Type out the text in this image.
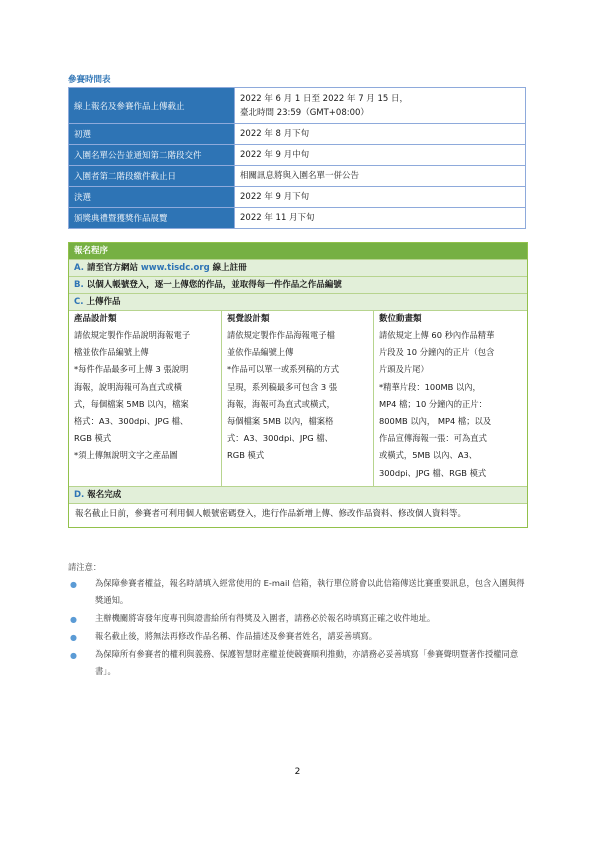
參賽時間表
線上報名及參賽作品上傳截止	2022 年 6 月 1 日至 2022 年 7 月 15 日，
臺北時間 23:59（GMT+08:00）

初選	2022 年 8 月下旬
入圍名單公告並通知第二階段交件	2022 年 9 月中旬
入圍者第二階段繳件截止日	相關訊息將與入圍名單一併公告
決選	2022 年 9 月下旬
頒獎典禮暨獲獎作品展覽	2022 年 11 月下旬
報名程序
A. 請至官方網站 www.tisdc.org 線上註冊
B. 以個人帳號登入，逐一上傳您的作品，並取得每一件作品之作品編號
C. 上傳作品
產品設計類
請依規定製作作品說明海報電子
檔並依作品編號上傳
*每件作品最多可上傳 3 張說明
海報，說明海報可為直式或橫
式，每個檔案 5MB 以內，檔案
格式：A3、300dpi、JPG 檔、
RGB 模式
*須上傳無說明文字之產品圖
視覺設計類
請依規定製作作品海報電子檔
並依作品編號上傳
*作品可以單一或系列稿的方式
呈現，系列稿最多可包含 3 張
海報，海報可為直式或橫式，
每個檔案 5MB 以內，檔案格
式：A3、300dpi、JPG 檔、
RGB 模式
數位動畫類
請依規定上傳 60 秒內作品精華
片段及 10 分鐘內的正片（包含
片頭及片尾）
*精華片段：100MB 以內，
MP4 檔；10 分鐘內的正片：
800MB 以內， MP4 檔；以及
作品宣傳海報一張：可為直式
或橫式，5MB 以內、A3、
300dpi、JPG 檔、RGB 模式
D. 報名完成
報名截止日前，參賽者可利用個人帳號密碼登入，進行作品新增上傳、修改作品資料、修改個人資料等。
請注意：
● 為保障參賽者權益，報名時請填入經常使用的 E-mail 信箱，執行單位將會以此信箱傳送比賽重要訊息，包含入圍與得獎通知。
● 主辦機關將寄發年度專刊與證書給所有得獎及入圍者，請務必於報名時填寫正確之收件地址。
● 報名截止後，將無法再修改作品名稱、作品描述及參賽者姓名，請妥善填寫。
● 為保障所有參賽者的權利與義務、保護智慧財產權並使競賽順利推動，亦請務必妥善填寫「參賽聲明暨著作授權同意書」。
2
